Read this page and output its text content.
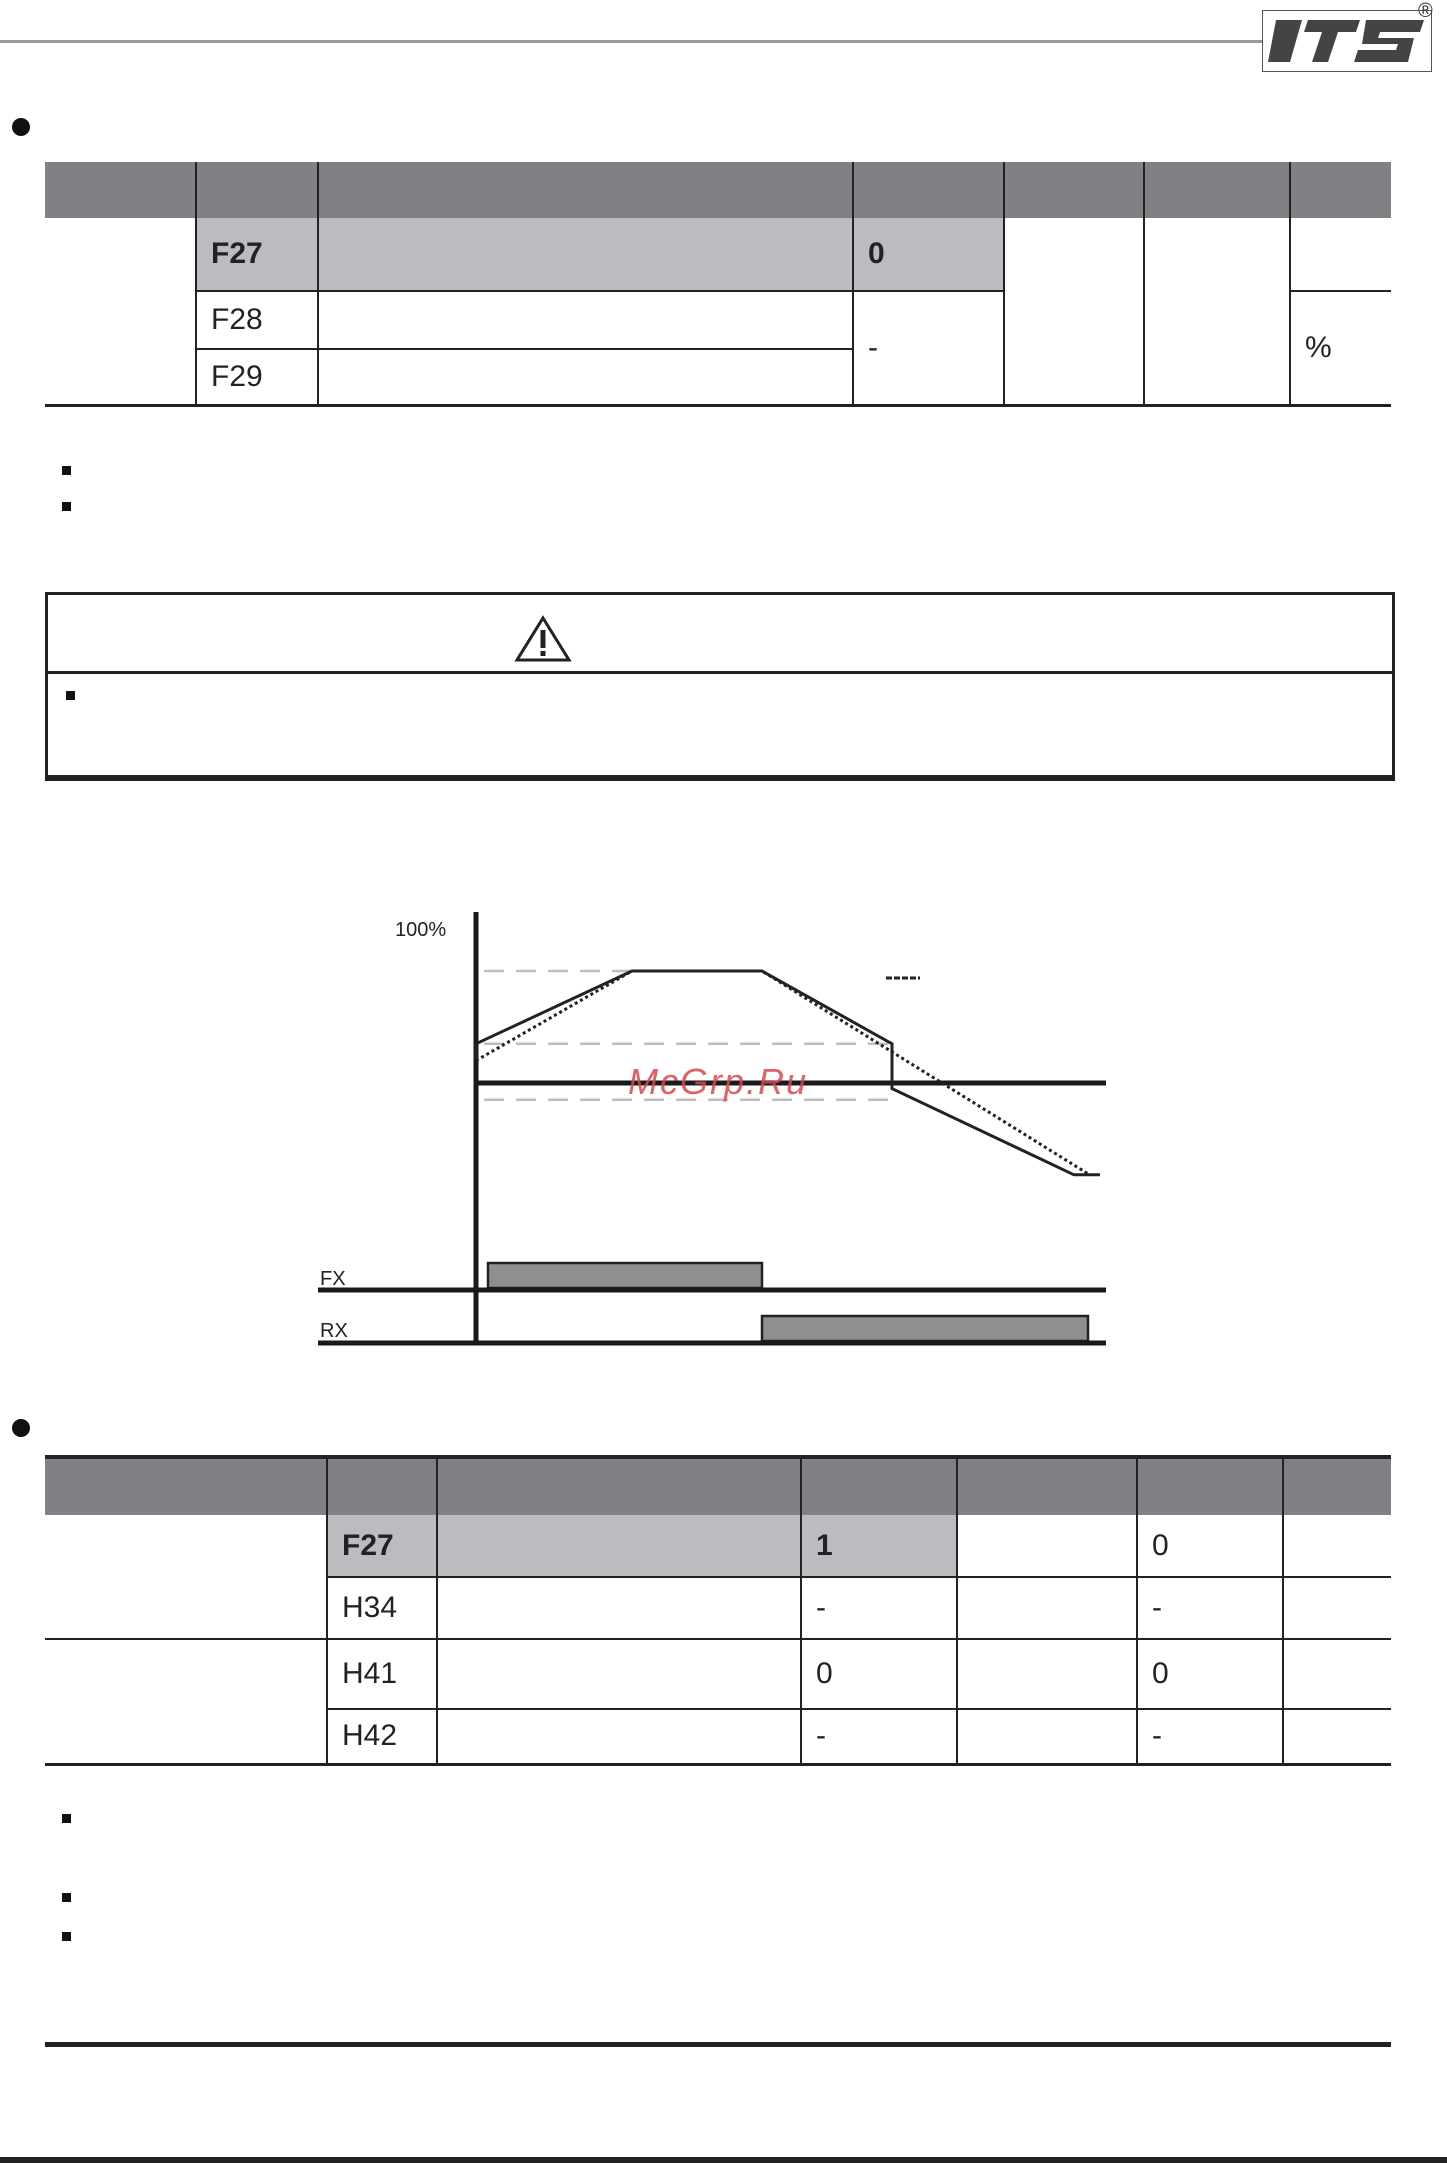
®

	F27		0			
	F28		-			%
	F29					
100%
McGrp.Ru
FX
RX

	F27		1		0	
	H34		-		-	
	H41		0		0	
	H42		-		-	
